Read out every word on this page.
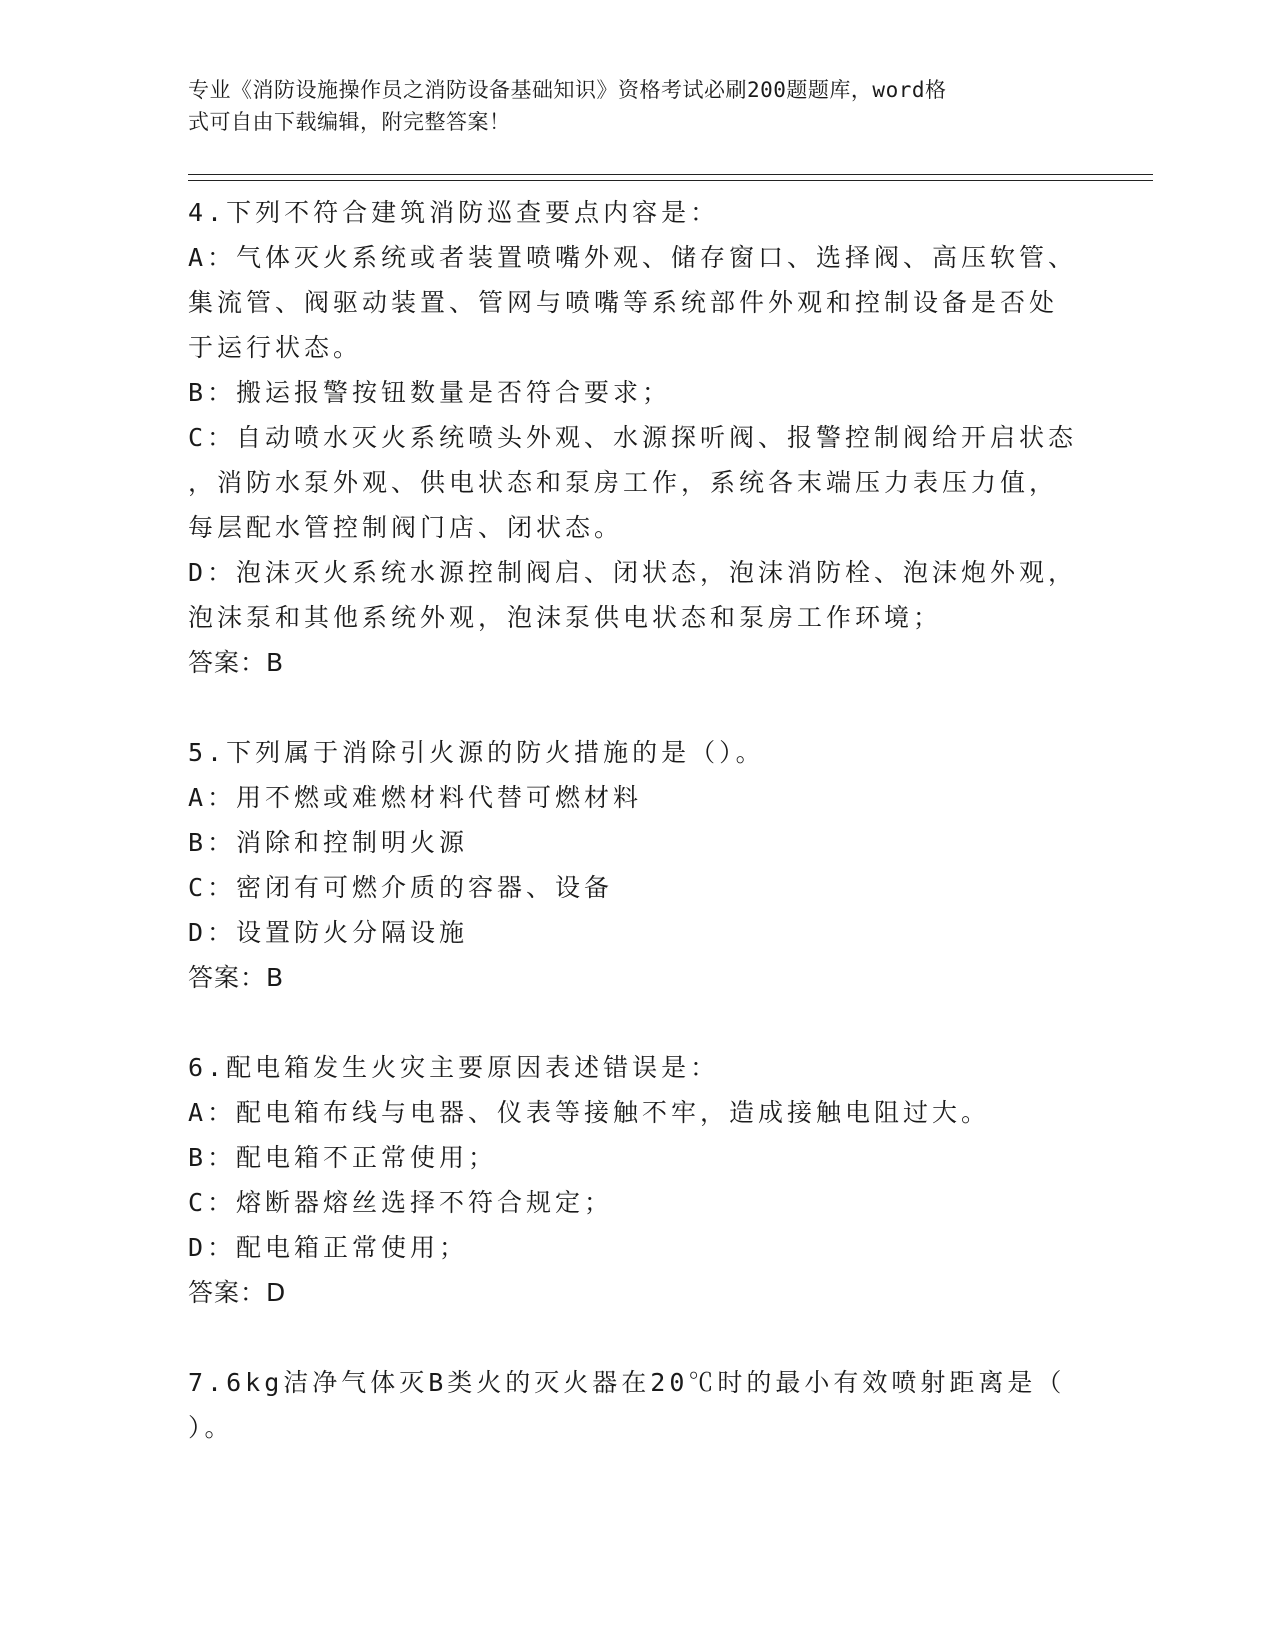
专业《消防设施操作员之消防设备基础知识》资格考试必刷200题题库，word格
式可自由下载编辑，附完整答案！
4.下列不符合建筑消防巡查要点内容是：
A：气体灭火系统或者装置喷嘴外观、储存窗口、选择阀、高压软管、
集流管、阀驱动装置、管网与喷嘴等系统部件外观和控制设备是否处
于运行状态。
B：搬运报警按钮数量是否符合要求；
C：自动喷水灭火系统喷头外观、水源探听阀、报警控制阀给开启状态
，消防水泵外观、供电状态和泵房工作，系统各末端压力表压力值，
每层配水管控制阀门店、闭状态。
D：泡沫灭火系统水源控制阀启、闭状态，泡沫消防栓、泡沫炮外观，
泡沫泵和其他系统外观，泡沫泵供电状态和泵房工作环境；
答案：B
5.下列属于消除引火源的防火措施的是（）。
A：用不燃或难燃材料代替可燃材料
B：消除和控制明火源
C：密闭有可燃介质的容器、设备
D：设置防火分隔设施
答案：B
6.配电箱发生火灾主要原因表述错误是：
A：配电箱布线与电器、仪表等接触不牢，造成接触电阻过大。
B：配电箱不正常使用；
C：熔断器熔丝选择不符合规定；
D：配电箱正常使用；
答案：D
7.6kg洁净气体灭B类火的灭火器在20℃时的最小有效喷射距离是（
）。
